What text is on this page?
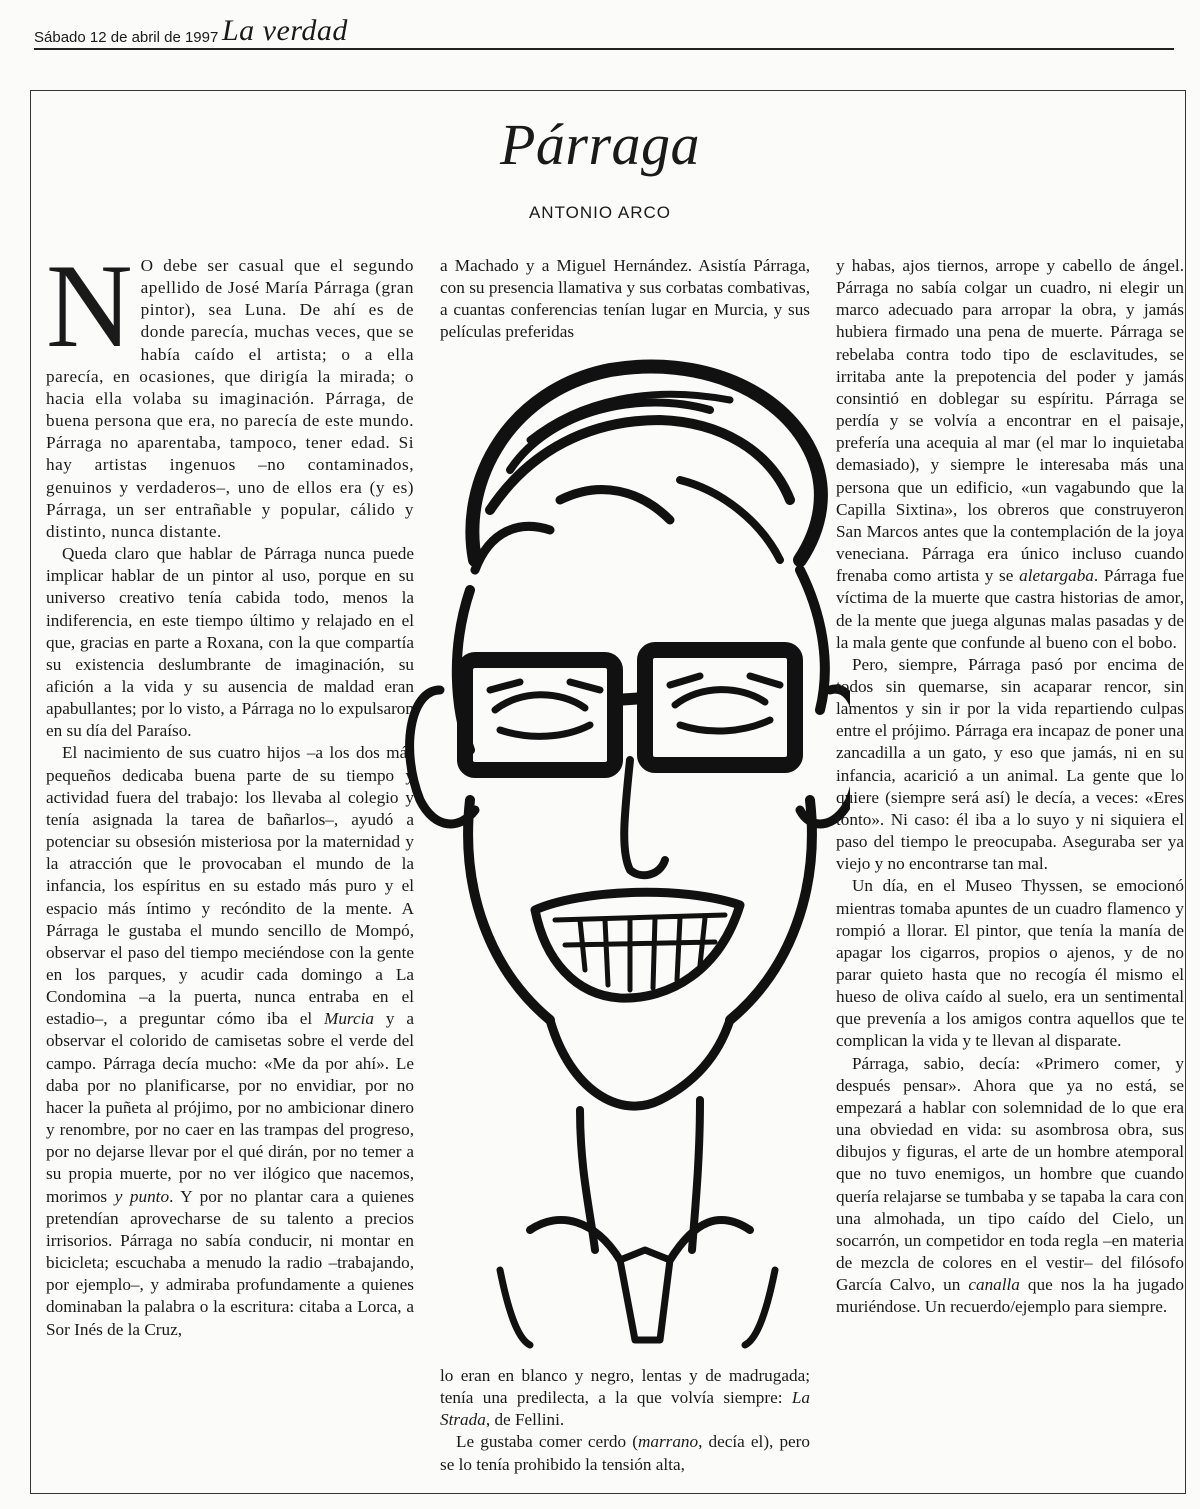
Sábado 12 de abril de 1997 La verdad
Párraga
ANTONIO ARCO

N O debe ser casual que el segundo apellido de José María Párraga (gran pintor), sea Luna. De ahí es de donde parecía, muchas veces, que se había caído el artista; o a ella parecía, en ocasiones, que dirigía la mirada; o hacia ella volaba su imaginación. Párraga, de buena persona que era, no parecía de este mundo. Párraga no aparentaba, tampoco, tener edad. Si hay artistas ingenuos –no contaminados, genuinos y verdaderos–, uno de ellos era (y es) Párraga, un ser entrañable y popular, cálido y distinto, nunca distante.

Queda claro que hablar de Párraga nunca puede implicar hablar de un pintor al uso, porque en su universo creativo tenía cabida todo, menos la indiferencia, en este tiempo último y relajado en el que, gracias en parte a Roxana, con la que compartía su existencia deslumbrante de imaginación, su afición a la vida y su ausencia de maldad eran apabullantes; por lo visto, a Párraga no lo expulsaron en su día del Paraíso.

El nacimiento de sus cuatro hijos –a los dos más pequeños dedicaba buena parte de su tiempo y actividad fuera del trabajo: los llevaba al colegio y tenía asignada la tarea de bañarlos–, ayudó a potenciar su obsesión misteriosa por la maternidad y la atracción que le provocaban el mundo de la infancia, los espíritus en su estado más puro y el espacio más íntimo y recóndito de la mente. A Párraga le gustaba el mundo sencillo de Mompó, observar el paso del tiempo meciéndose con la gente en los parques, y acudir cada domingo a La Condomina –a la puerta, nunca entraba en el estadio–, a preguntar cómo iba el Murcia y a observar el colorido de camisetas sobre el verde del campo. Párraga decía mucho: «Me da por ahí». Le daba por no planificarse, por no envidiar, por no hacer la puñeta al prójimo, por no ambicionar dinero y renombre, por no caer en las trampas del progreso, por no dejarse llevar por el qué dirán, por no temer a su propia muerte, por no ver ilógico que nacemos, morimos y punto. Y por no plantar cara a quienes pretendían aprovecharse de su talento a precios irrisorios. Párraga no sabía conducir, ni montar en bicicleta; escuchaba a menudo la radio –trabajando, por ejemplo–, y admiraba profundamente a quienes dominaban la palabra o la escritura: citaba a Lorca, a Sor Inés de la Cruz,

a Machado y a Miguel Hernández. Asistía Párraga, con su presencia llamativa y sus corbatas combativas, a cuantas conferencias tenían lugar en Murcia, y sus películas preferidas

lo eran en blanco y negro, lentas y de madrugada; tenía una predilecta, a la que volvía siempre: La Strada, de Fellini.

Le gustaba comer cerdo (marrano, decía el), pero se lo tenía prohibido la tensión alta,

y habas, ajos tiernos, arrope y cabello de ángel. Párraga no sabía colgar un cuadro, ni elegir un marco adecuado para arropar la obra, y jamás hubiera firmado una pena de muerte. Párraga se rebelaba contra todo tipo de esclavitudes, se irritaba ante la prepotencia del poder y jamás consintió en doblegar su espíritu. Párraga se perdía y se volvía a encontrar en el paisaje, prefería una acequia al mar (el mar lo inquietaba demasiado), y siempre le interesaba más una persona que un edificio, «un vagabundo que la Capilla Sixtina», los obreros que construyeron San Marcos antes que la contemplación de la joya veneciana. Párraga era único incluso cuando frenaba como artista y se aletargaba. Párraga fue víctima de la muerte que castra historias de amor, de la mente que juega algunas malas pasadas y de la mala gente que confunde al bueno con el bobo.

Pero, siempre, Párraga pasó por encima de todos sin quemarse, sin acaparar rencor, sin lamentos y sin ir por la vida repartiendo culpas entre el prójimo. Párraga era incapaz de poner una zancadilla a un gato, y eso que jamás, ni en su infancia, acarició a un animal. La gente que lo quiere (siempre será así) le decía, a veces: «Eres tonto». Ni caso: él iba a lo suyo y ni siquiera el paso del tiempo le preocupaba. Aseguraba ser ya viejo y no encontrarse tan mal.

Un día, en el Museo Thyssen, se emocionó mientras tomaba apuntes de un cuadro flamenco y rompió a llorar. El pintor, que tenía la manía de apagar los cigarros, propios o ajenos, y de no parar quieto hasta que no recogía él mismo el hueso de oliva caído al suelo, era un sentimental que prevenía a los amigos contra aquellos que te complican la vida y te llevan al disparate.

Párraga, sabio, decía: «Primero comer, y después pensar». Ahora que ya no está, se empezará a hablar con solemnidad de lo que era una obviedad en vida: su asombrosa obra, sus dibujos y figuras, el arte de un hombre atemporal que no tuvo enemigos, un hombre que cuando quería relajarse se tumbaba y se tapaba la cara con una almohada, un tipo caído del Cielo, un socarrón, un competidor en toda regla –en materia de mezcla de colores en el vestir– del filósofo García Calvo, un canalla que nos la ha jugado muriéndose. Un recuerdo/ejemplo para siempre.
